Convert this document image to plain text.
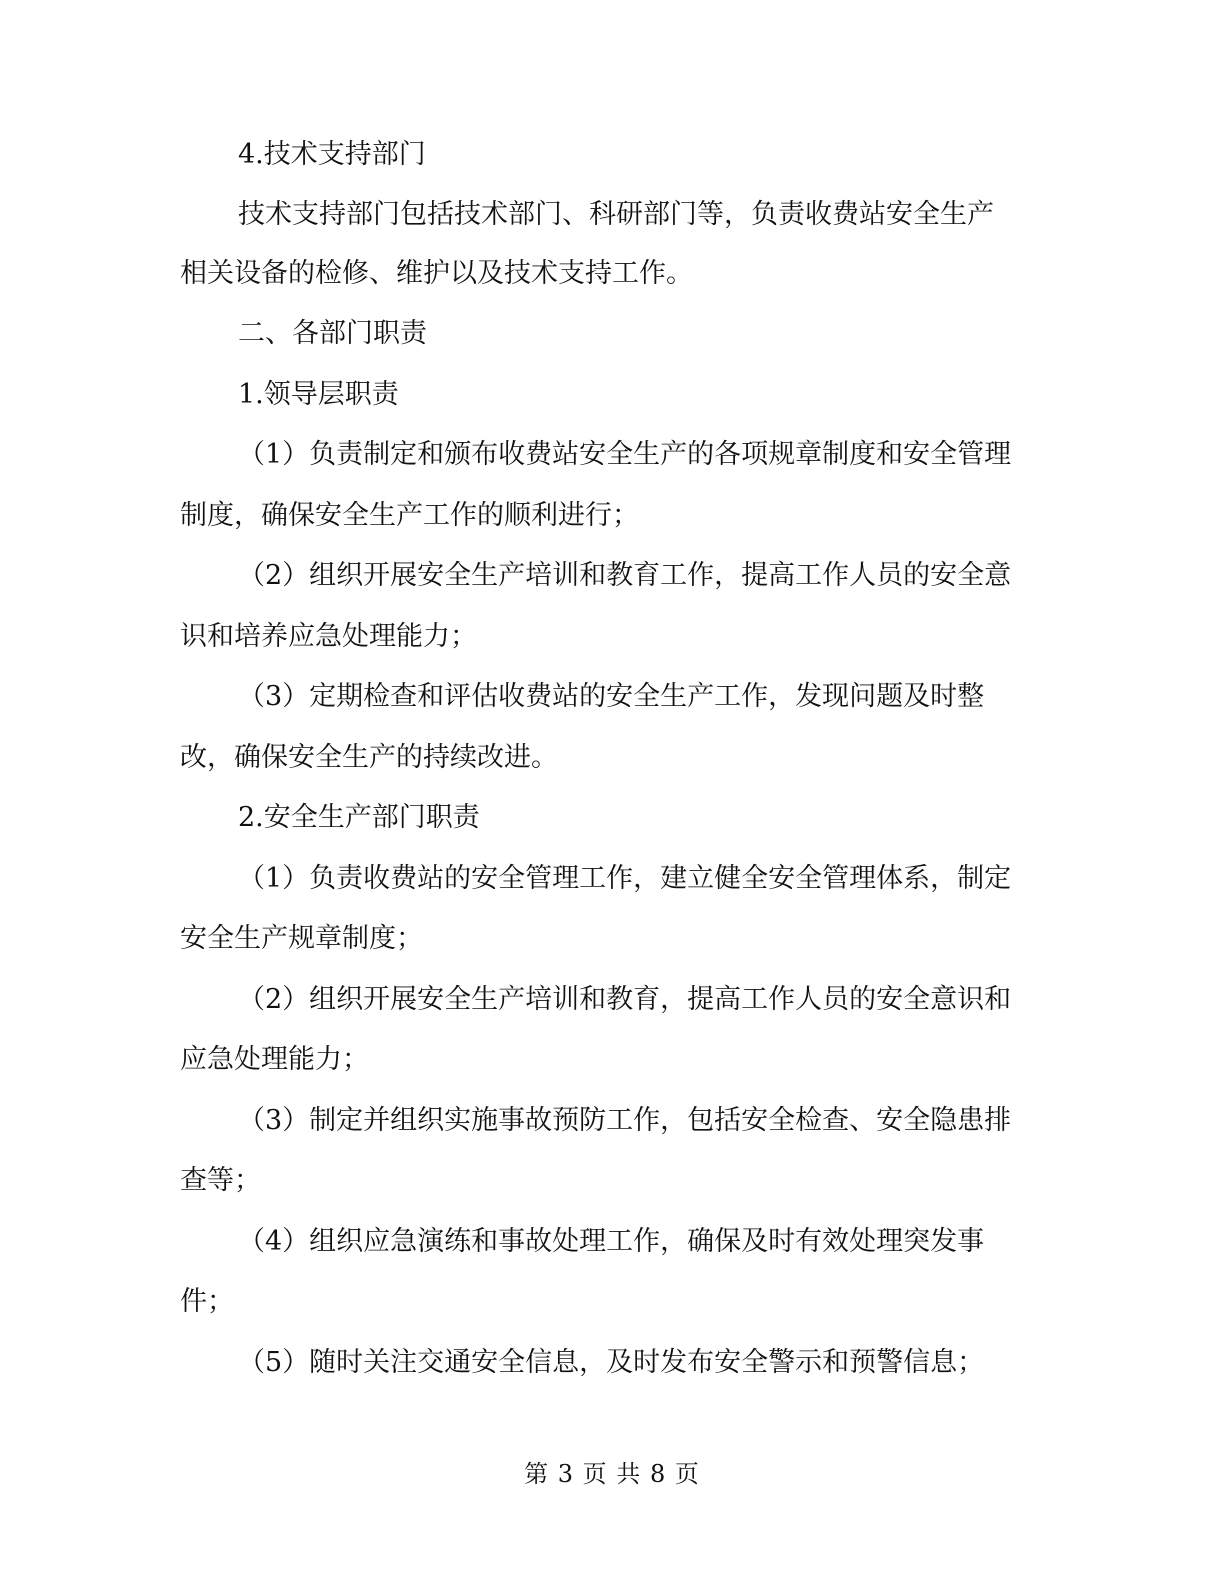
4.技术支持部门
技术支持部门包括技术部门、科研部门等，负责收费站安全生产
相关设备的检修、维护以及技术支持工作。
二、各部门职责
1.领导层职责
（1）负责制定和颁布收费站安全生产的各项规章制度和安全管理
制度，确保安全生产工作的顺利进行；
（2）组织开展安全生产培训和教育工作，提高工作人员的安全意
识和培养应急处理能力；
（3）定期检查和评估收费站的安全生产工作，发现问题及时整
改，确保安全生产的持续改进。
2.安全生产部门职责
（1）负责收费站的安全管理工作，建立健全安全管理体系，制定
安全生产规章制度；
（2）组织开展安全生产培训和教育，提高工作人员的安全意识和
应急处理能力；
（3）制定并组织实施事故预防工作，包括安全检查、安全隐患排
查等；
（4）组织应急演练和事故处理工作，确保及时有效处理突发事
件；
（5）随时关注交通安全信息，及时发布安全警示和预警信息；
第 3 页 共 8 页
